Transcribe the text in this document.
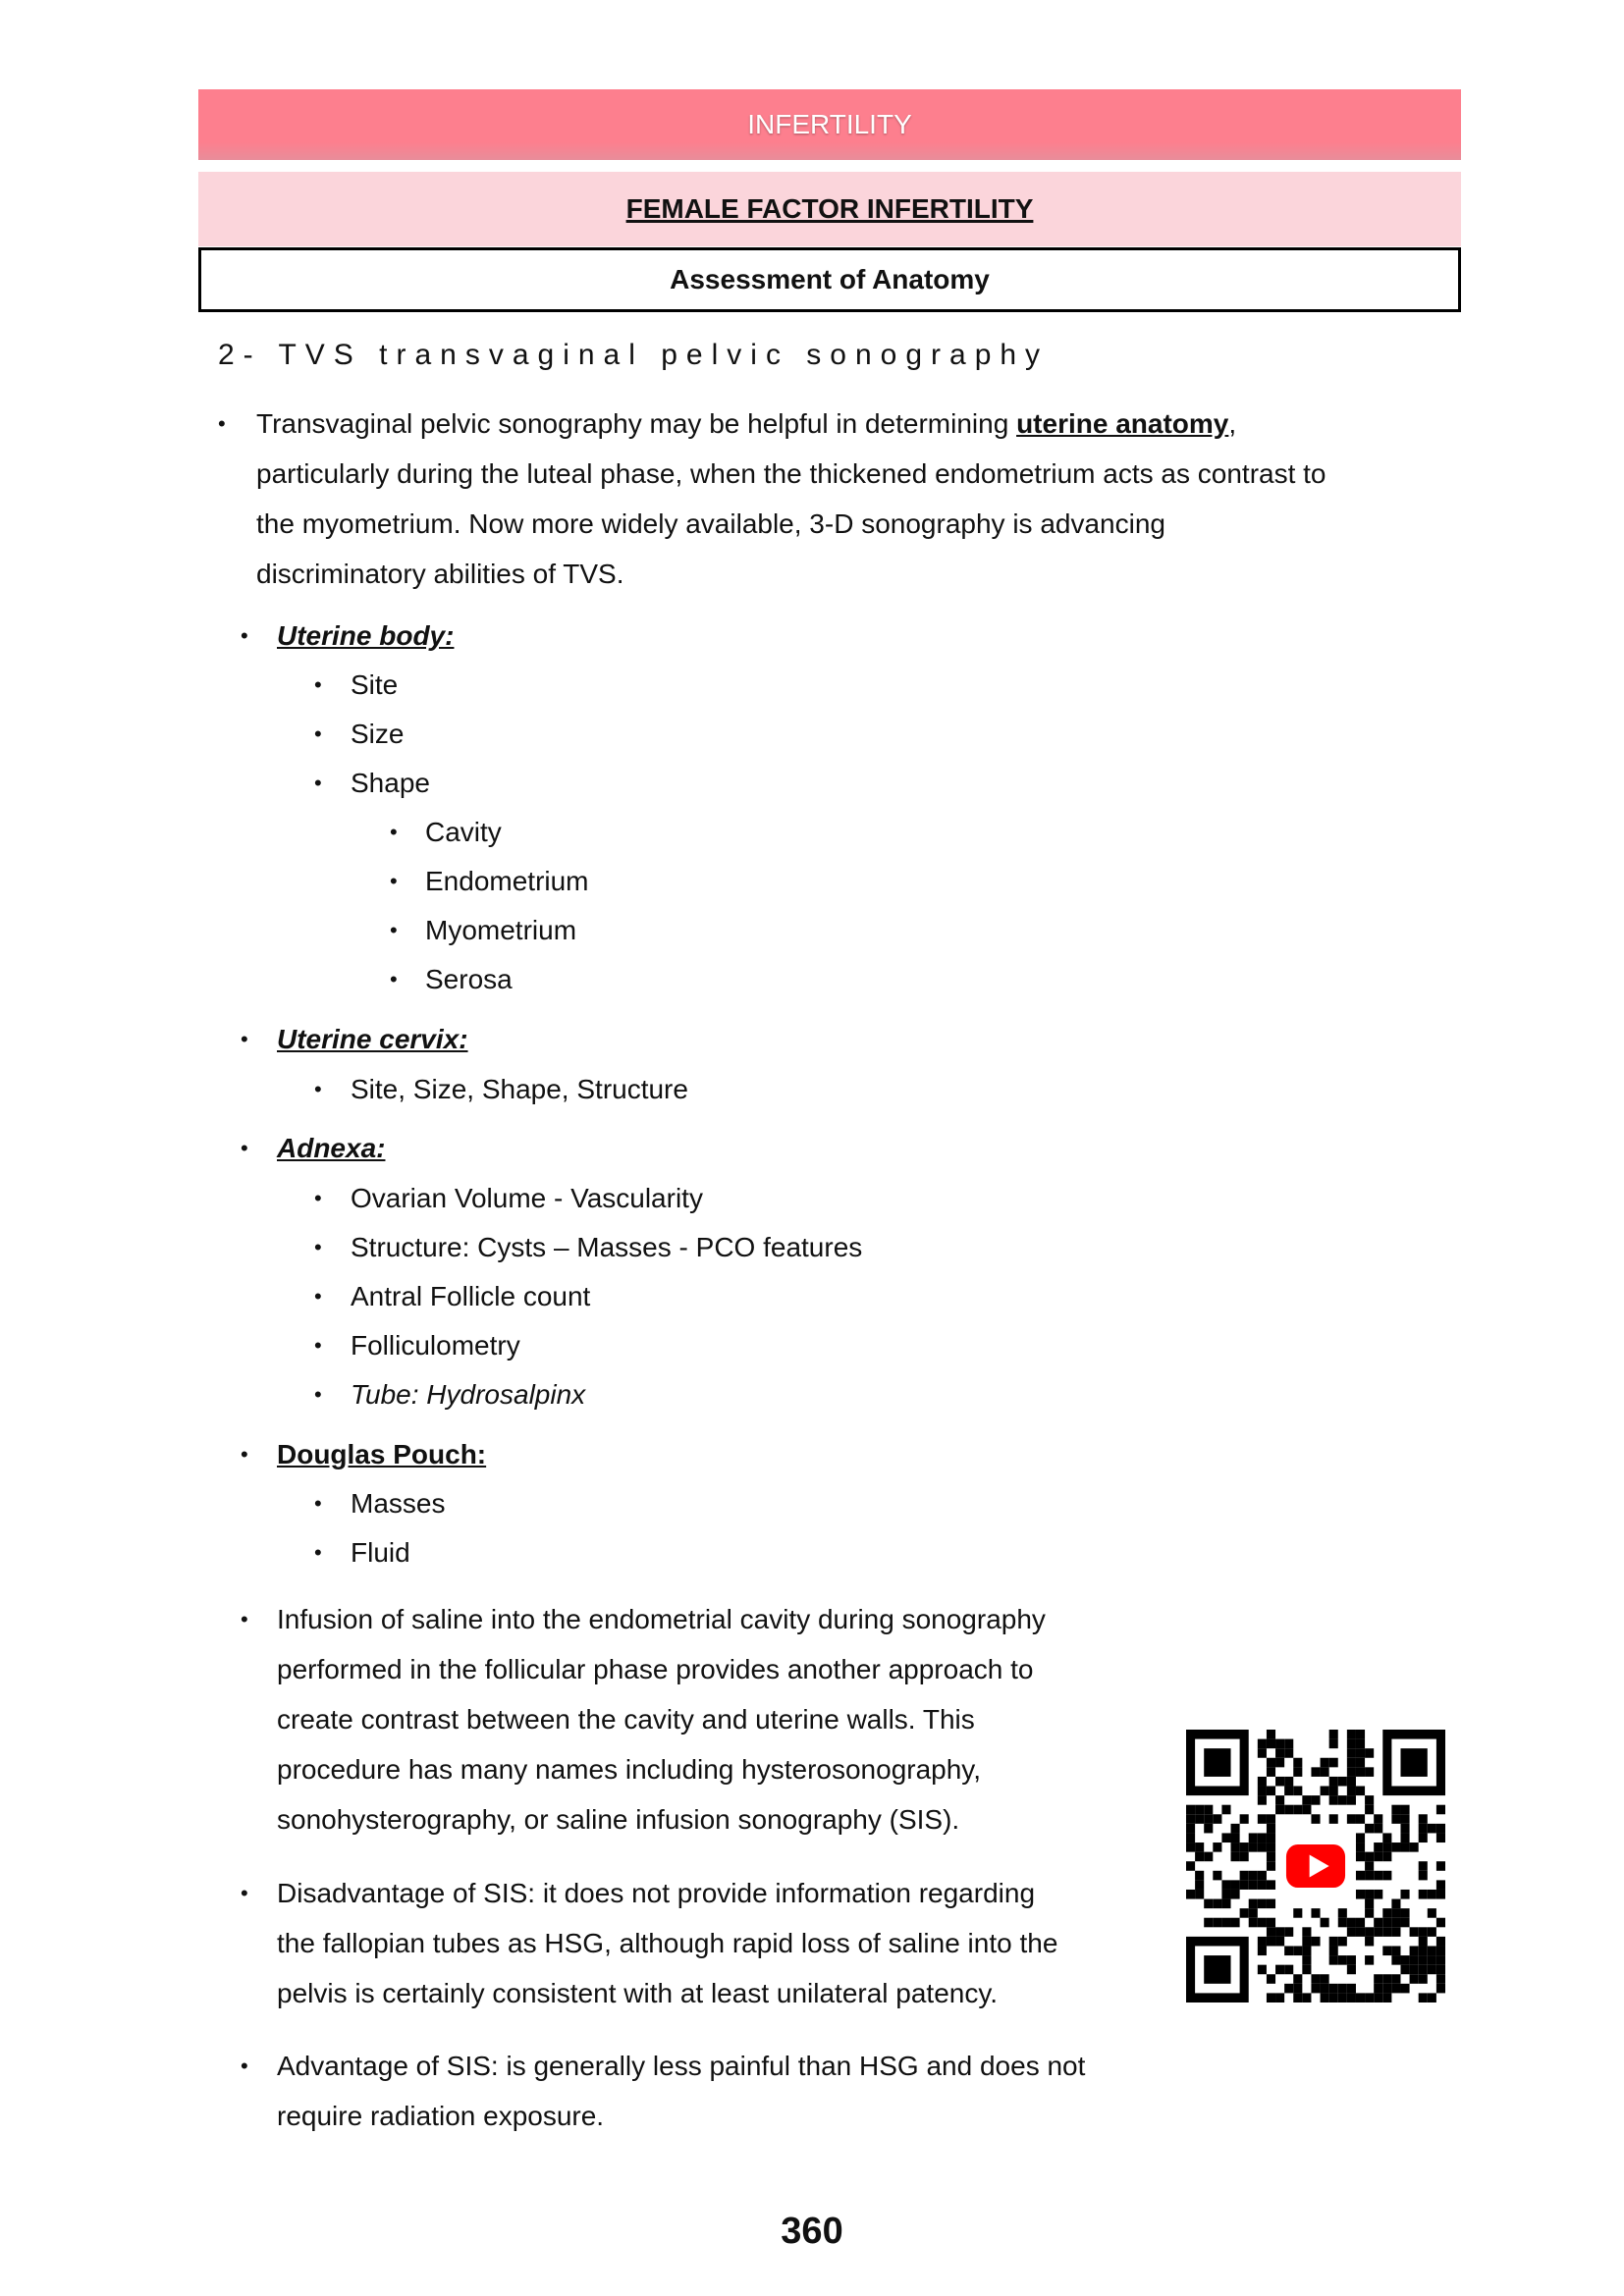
INFERTILITY
FEMALE FACTOR INFERTILITY
Assessment of Anatomy
2- TVS transvaginal pelvic sonography
• Transvaginal pelvic sonography may be helpful in determining uterine anatomy,
particularly during the luteal phase, when the thickened endometrium acts as contrast to
the myometrium. Now more widely available, 3-D sonography is advancing
discriminatory abilities of TVS.
• Uterine body:
• Site
• Size
• Shape
• Cavity
• Endometrium
• Myometrium
• Serosa
• Uterine cervix:
• Site, Size, Shape, Structure
• Adnexa:
• Ovarian Volume - Vascularity
• Structure: Cysts – Masses - PCO features
• Antral Follicle count
• Folliculometry
• Tube: Hydrosalpinx
• Douglas Pouch:
• Masses
• Fluid
• Infusion of saline into the endometrial cavity during sonography
performed in the follicular phase provides another approach to
create contrast between the cavity and uterine walls. This
procedure has many names including hysterosonography,
sonohysterography, or saline infusion sonography (SIS).
• Disadvantage of SIS: it does not provide information regarding
the fallopian tubes as HSG, although rapid loss of saline into the
pelvis is certainly consistent with at least unilateral patency.
• Advantage of SIS: is generally less painful than HSG and does not
require radiation exposure.
360
